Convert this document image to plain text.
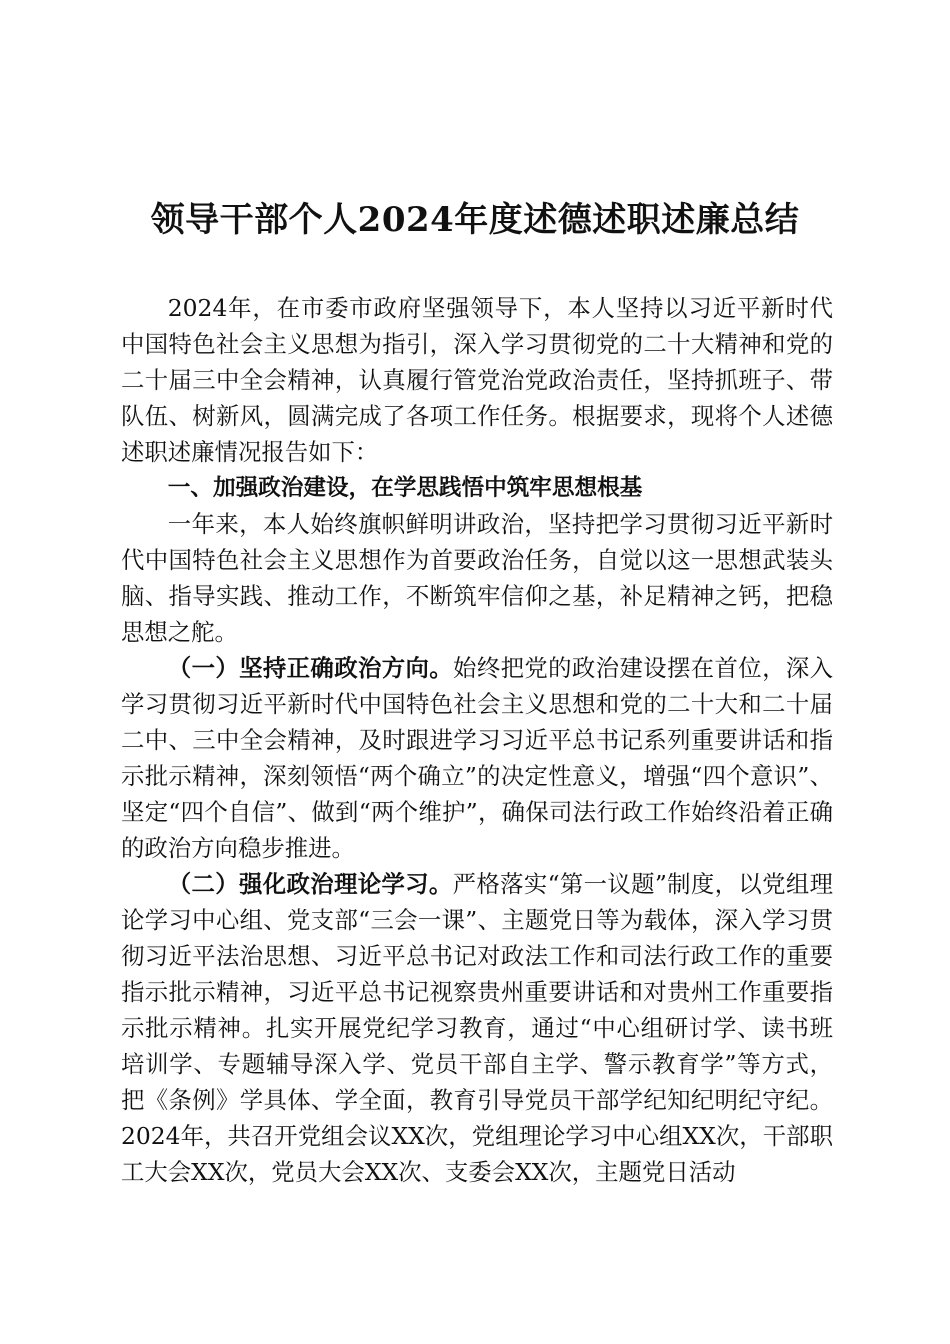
领导干部个人2024年度述德述职述廉总结

2024年，在市委市政府坚强领导下，本人坚持以习近平新时代中国特色社会主义思想为指引，深入学习贯彻党的二十大精神和党的二十届三中全会精神，认真履行管党治党政治责任，坚持抓班子、带队伍、树新风，圆满完成了各项工作任务。根据要求，现将个人述德述职述廉情况报告如下：

一、加强政治建设，在学思践悟中筑牢思想根基

一年来，本人始终旗帜鲜明讲政治，坚持把学习贯彻习近平新时代中国特色社会主义思想作为首要政治任务，自觉以这一思想武装头脑、指导实践、推动工作，不断筑牢信仰之基，补足精神之钙，把稳思想之舵。

（一）坚持正确政治方向。始终把党的政治建设摆在首位，深入学习贯彻习近平新时代中国特色社会主义思想和党的二十大和二十届二中、三中全会精神，及时跟进学习习近平总书记系列重要讲话和指示批示精神，深刻领悟“两个确立”的决定性意义，增强“四个意识”、坚定“四个自信”、做到“两个维护”，确保司法行政工作始终沿着正确的政治方向稳步推进。

（二）强化政治理论学习。严格落实“第一议题”制度，以党组理论学习中心组、党支部“三会一课”、主题党日等为载体，深入学习贯彻习近平法治思想、习近平总书记对政法工作和司法行政工作的重要指示批示精神，习近平总书记视察贵州重要讲话和对贵州工作重要指示批示精神。扎实开展党纪学习教育，通过“中心组研讨学、读书班培训学、专题辅导深入学、党员干部自主学、警示教育学”等方式，把《条例》学具体、学全面，教育引导党员干部学纪知纪明纪守纪。2024年，共召开党组会议XX次，党组理论学习中心组XX次，干部职工大会XX次，党员大会XX次、支委会XX次，主题党日活动
